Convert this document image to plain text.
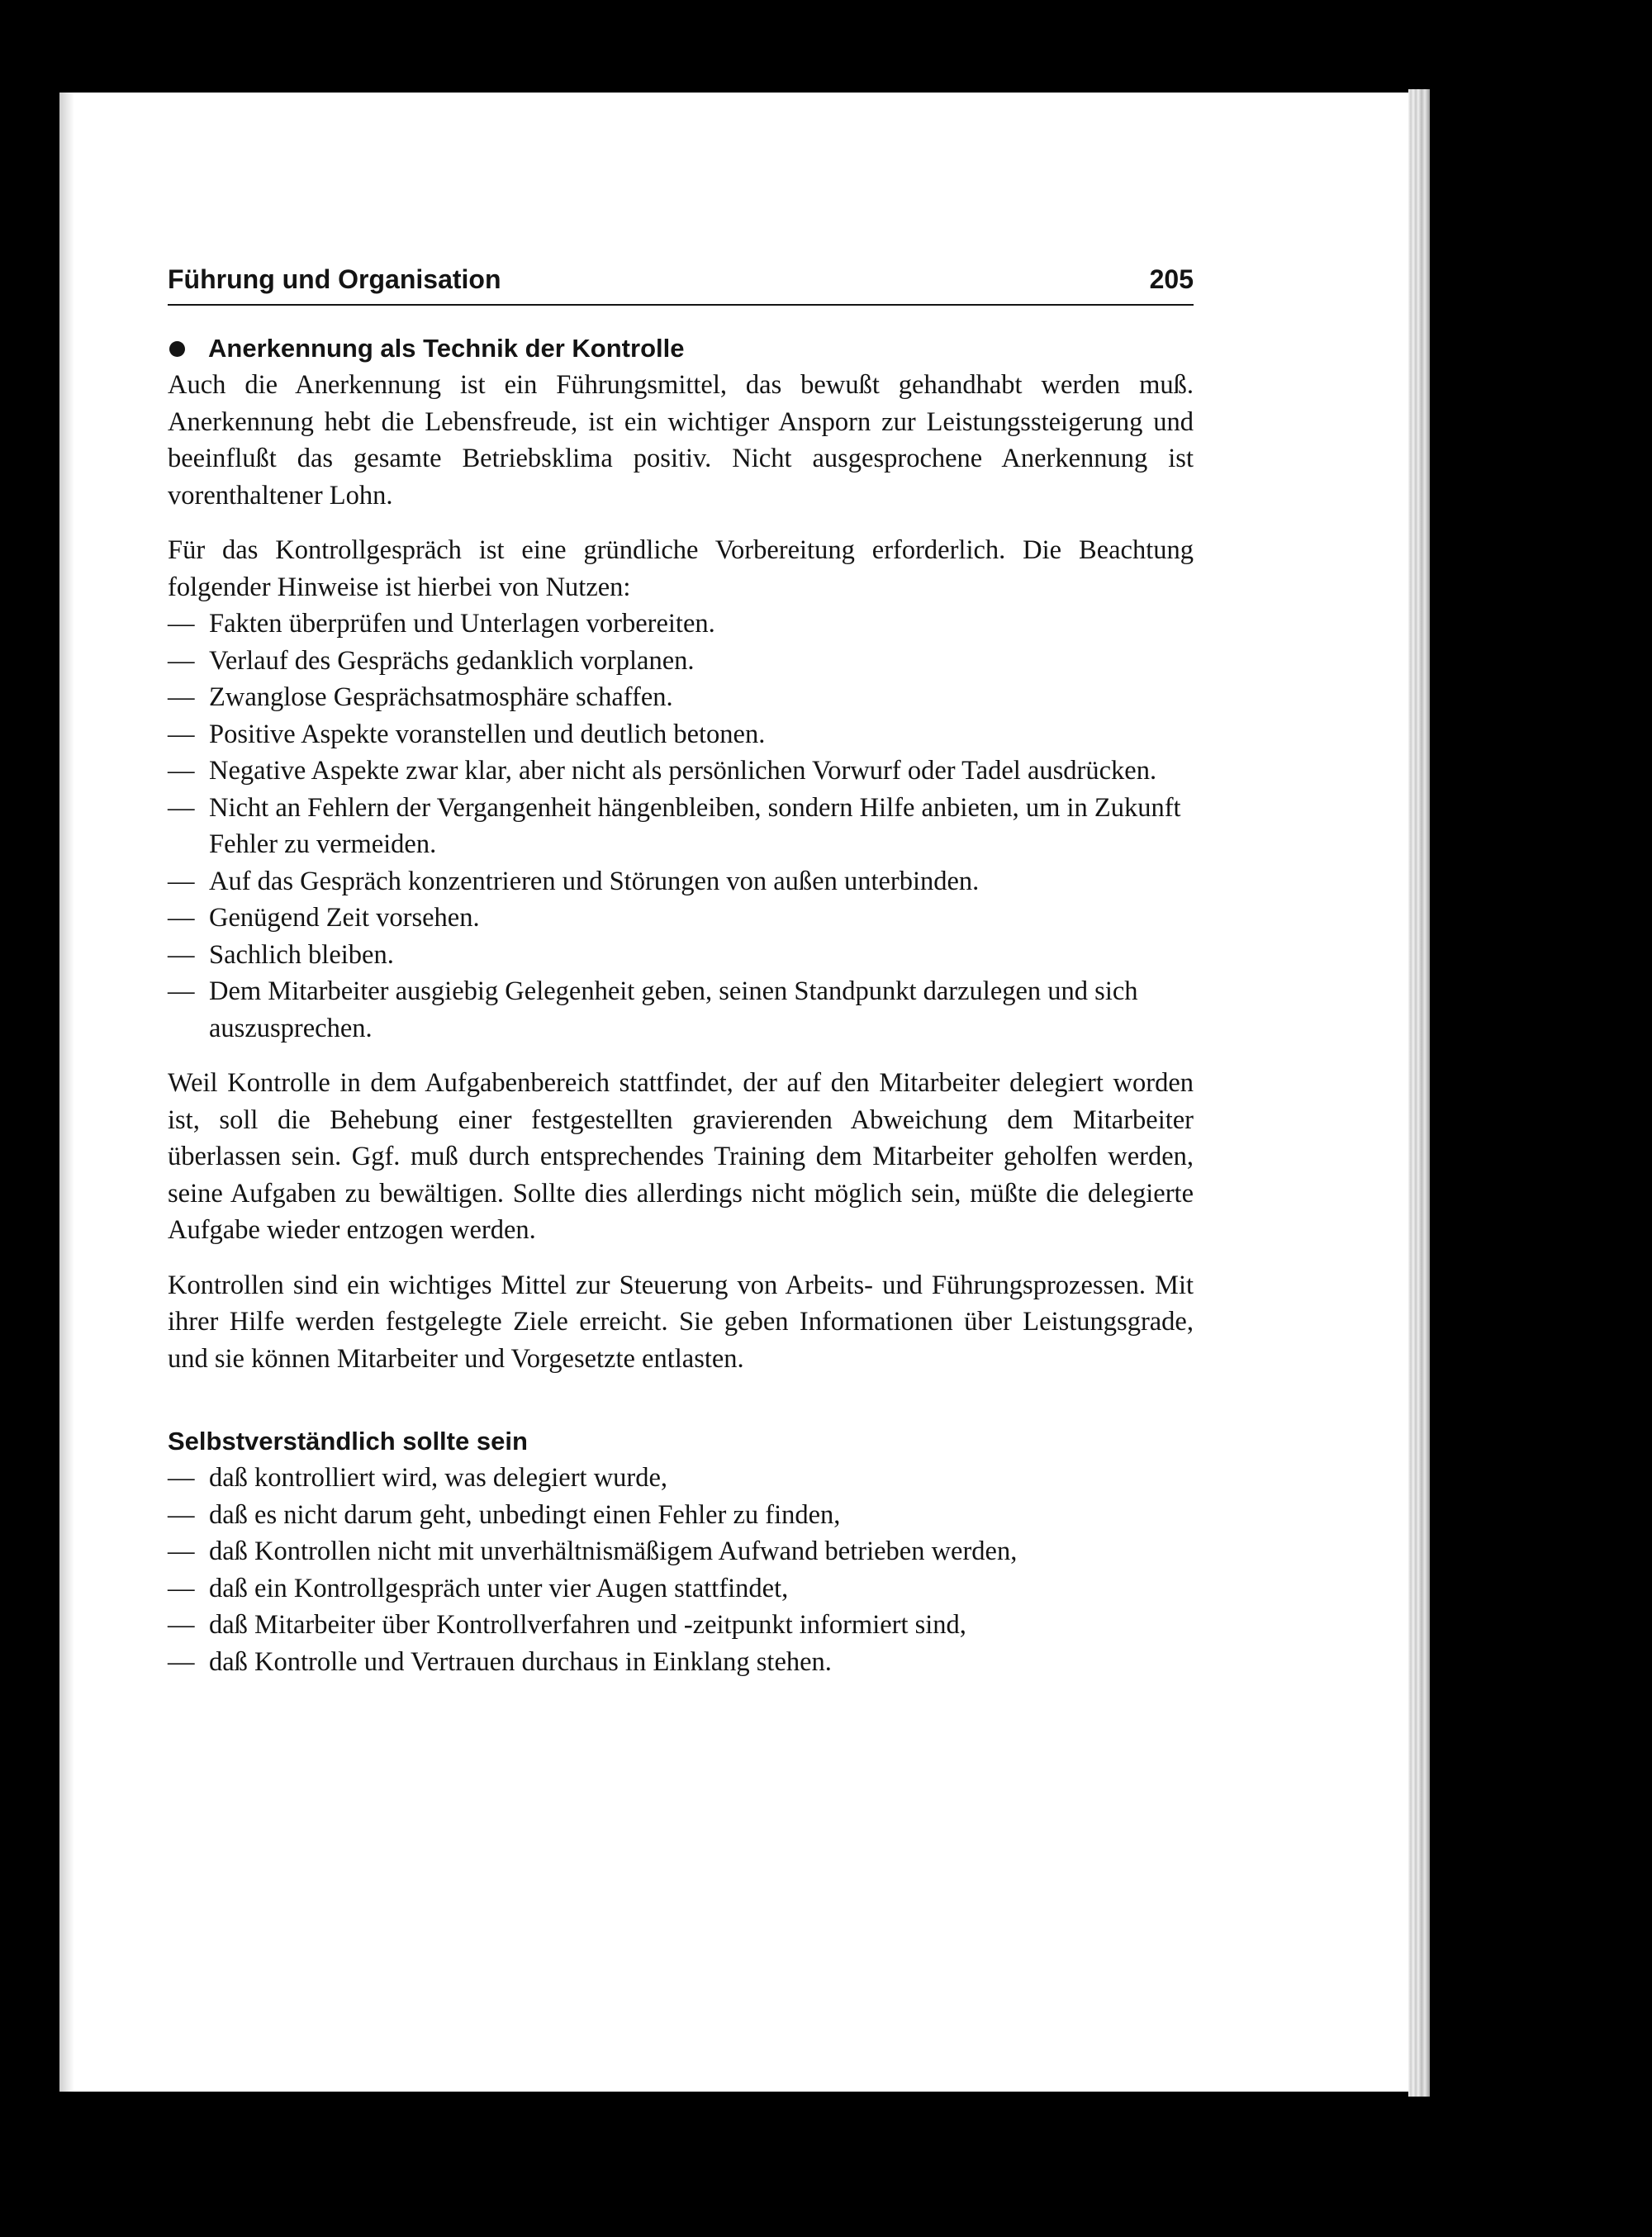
Führung und Organisation	205
Anerkennung als Technik der Kontrolle

Auch die Anerkennung ist ein Führungsmittel, das bewußt gehandhabt werden muß. Anerkennung hebt die Lebensfreude, ist ein wichtiger Ansporn zur Leistungssteigerung und beeinflußt das gesamte Betriebsklima positiv. Nicht ausgesprochene Anerkennung ist vorenthaltener Lohn.

Für das Kontrollgespräch ist eine gründliche Vorbereitung erforderlich. Die Beachtung folgender Hinweise ist hierbei von Nutzen:

— Fakten überprüfen und Unterlagen vorbereiten.
— Verlauf des Gesprächs gedanklich vorplanen.
— Zwanglose Gesprächsatmosphäre schaffen.
— Positive Aspekte voranstellen und deutlich betonen.
— Negative Aspekte zwar klar, aber nicht als persönlichen Vorwurf oder Tadel ausdrücken.
— Nicht an Fehlern der Vergangenheit hängenbleiben, sondern Hilfe anbieten, um in Zukunft Fehler zu vermeiden.
— Auf das Gespräch konzentrieren und Störungen von außen unterbinden.
— Genügend Zeit vorsehen.
— Sachlich bleiben.
— Dem Mitarbeiter ausgiebig Gelegenheit geben, seinen Standpunkt darzulegen und sich auszusprechen.

Weil Kontrolle in dem Aufgabenbereich stattfindet, der auf den Mitarbeiter delegiert worden ist, soll die Behebung einer festgestellten gravierenden Abweichung dem Mitarbeiter überlassen sein. Ggf. muß durch entsprechendes Training dem Mitarbeiter geholfen werden, seine Aufgaben zu bewältigen. Sollte dies allerdings nicht möglich sein, müßte die delegierte Aufgabe wieder entzogen werden.

Kontrollen sind ein wichtiges Mittel zur Steuerung von Arbeits- und Führungsprozessen. Mit ihrer Hilfe werden festgelegte Ziele erreicht. Sie geben Informationen über Leistungsgrade, und sie können Mitarbeiter und Vorgesetzte entlasten.

Selbstverständlich sollte sein
— daß kontrolliert wird, was delegiert wurde,
— daß es nicht darum geht, unbedingt einen Fehler zu finden,
— daß Kontrollen nicht mit unverhältnismäßigem Aufwand betrieben werden,
— daß ein Kontrollgespräch unter vier Augen stattfindet,
— daß Mitarbeiter über Kontrollverfahren und -zeitpunkt informiert sind,
— daß Kontrolle und Vertrauen durchaus in Einklang stehen.
